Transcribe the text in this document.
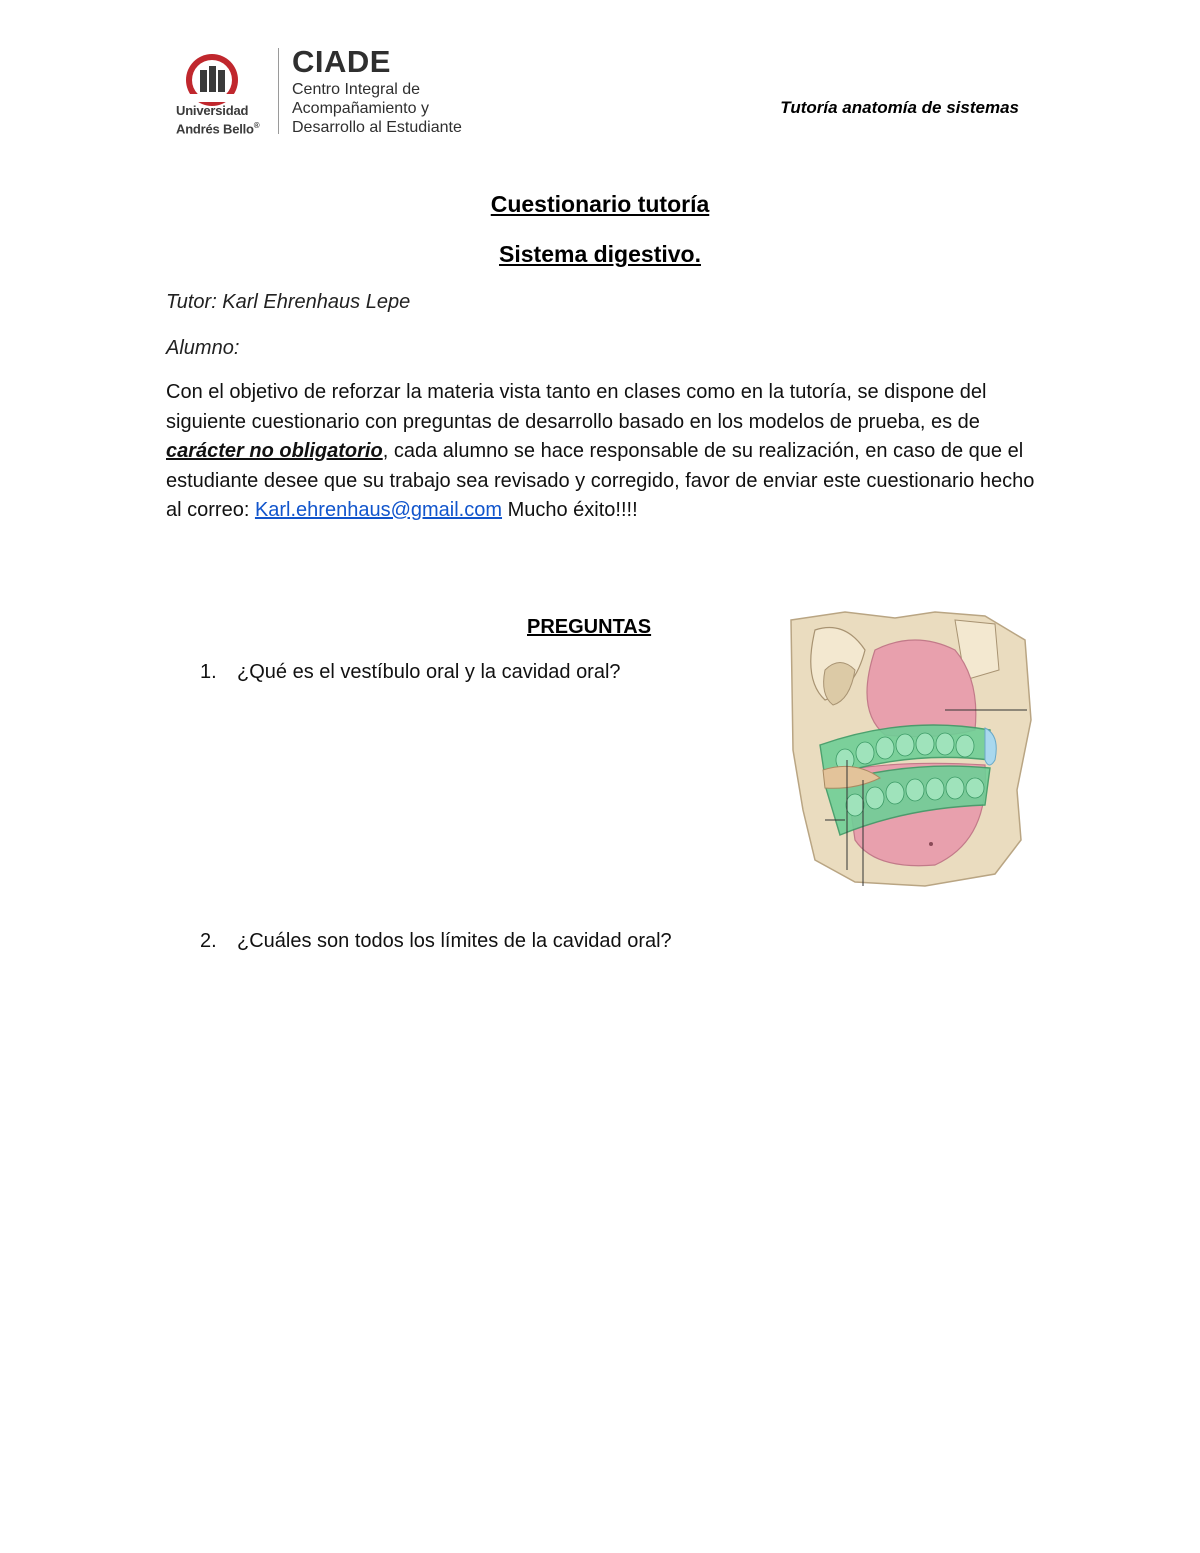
Universidad
Andrés Bello®
CIADE
Centro Integral de
Acompañamiento y
Desarrollo al Estudiante
Tutoría anatomía de sistemas
Cuestionario tutoría
Sistema digestivo.
Tutor: Karl Ehrenhaus Lepe
Alumno:
Con el objetivo de reforzar la materia vista tanto en clases como en la tutoría, se dispone del siguiente cuestionario con preguntas de desarrollo basado en los modelos de prueba, es de carácter no obligatorio, cada alumno se hace responsable de su realización, en caso de que el estudiante desee que su trabajo sea revisado y corregido, favor de enviar este cuestionario hecho al correo: Karl.ehrenhaus@gmail.com Mucho éxito!!!!
PREGUNTAS
1. ¿Qué es el vestíbulo oral y la cavidad oral?
2. ¿Cuáles son todos los límites de la cavidad oral?
